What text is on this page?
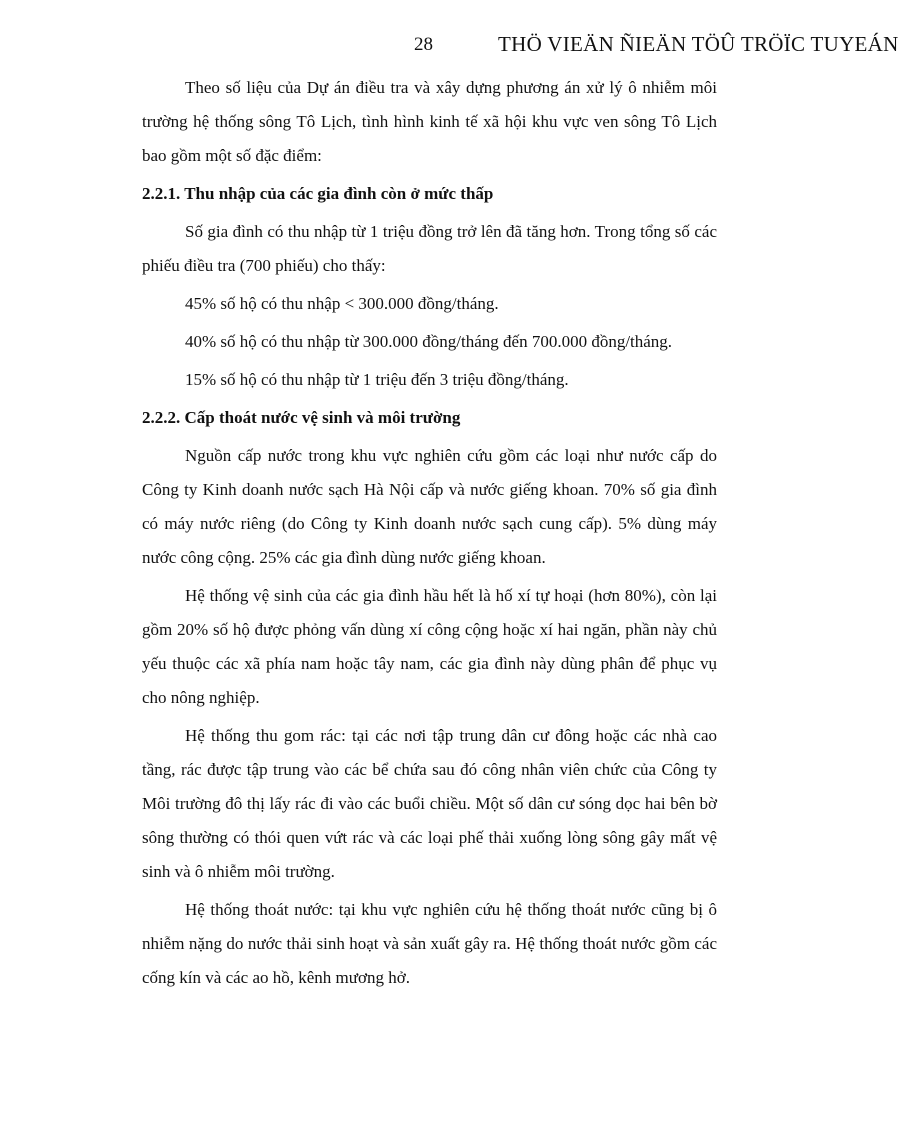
28	THÖ VIEÄN ÑIEÄN TÖÛ TRÖÏC TUYEÁN

Theo số liệu của Dự án điều tra và xây dựng phương án xử lý ô nhiễm môi trường hệ thống sông Tô Lịch, tình hình kinh tế xã hội khu vực ven sông Tô Lịch bao gồm một số đặc điểm:

2.2.1. Thu nhập của các gia đình còn ở mức thấp

Số gia đình có thu nhập từ 1 triệu đồng trở lên đã tăng hơn. Trong tổng số các phiếu điều tra (700 phiếu) cho thấy:

45% số hộ có thu nhập < 300.000 đồng/tháng.

40% số hộ có thu nhập từ 300.000 đồng/tháng đến 700.000 đồng/tháng.

15% số hộ có thu nhập từ 1 triệu đến 3 triệu đồng/tháng.

2.2.2. Cấp thoát nước vệ sinh và môi trường

Nguồn cấp nước trong khu vực nghiên cứu gồm các loại như nước cấp do Công ty Kinh doanh nước sạch Hà Nội cấp và nước giếng khoan. 70% số gia đình có máy nước riêng (do Công ty Kinh doanh nước sạch cung cấp). 5% dùng máy nước công cộng. 25% các gia đình dùng nước giếng khoan.

Hệ thống vệ sinh của các gia đình hầu hết là hố xí tự hoại (hơn 80%), còn lại gồm 20% số hộ được phỏng vấn dùng xí công cộng hoặc xí hai ngăn, phần này chủ yếu thuộc các xã phía nam hoặc tây nam, các gia đình này dùng phân để phục vụ cho nông nghiệp.

Hệ thống thu gom rác: tại các nơi tập trung dân cư đông hoặc các nhà cao tầng, rác được tập trung vào các bể chứa sau đó công nhân viên chức của Công ty Môi trường đô thị lấy rác đi vào các buổi chiều. Một số dân cư sóng dọc hai bên bờ sông thường có thói quen vứt rác và các loại phế thải xuống lòng sông gây mất vệ sinh và ô nhiễm môi trường.

Hệ thống thoát nước: tại khu vực nghiên cứu hệ thống thoát nước cũng bị ô nhiễm nặng do nước thải sinh hoạt và sản xuất gây ra. Hệ thống thoát nước gồm các cống kín và các ao hồ, kênh mương hở.
